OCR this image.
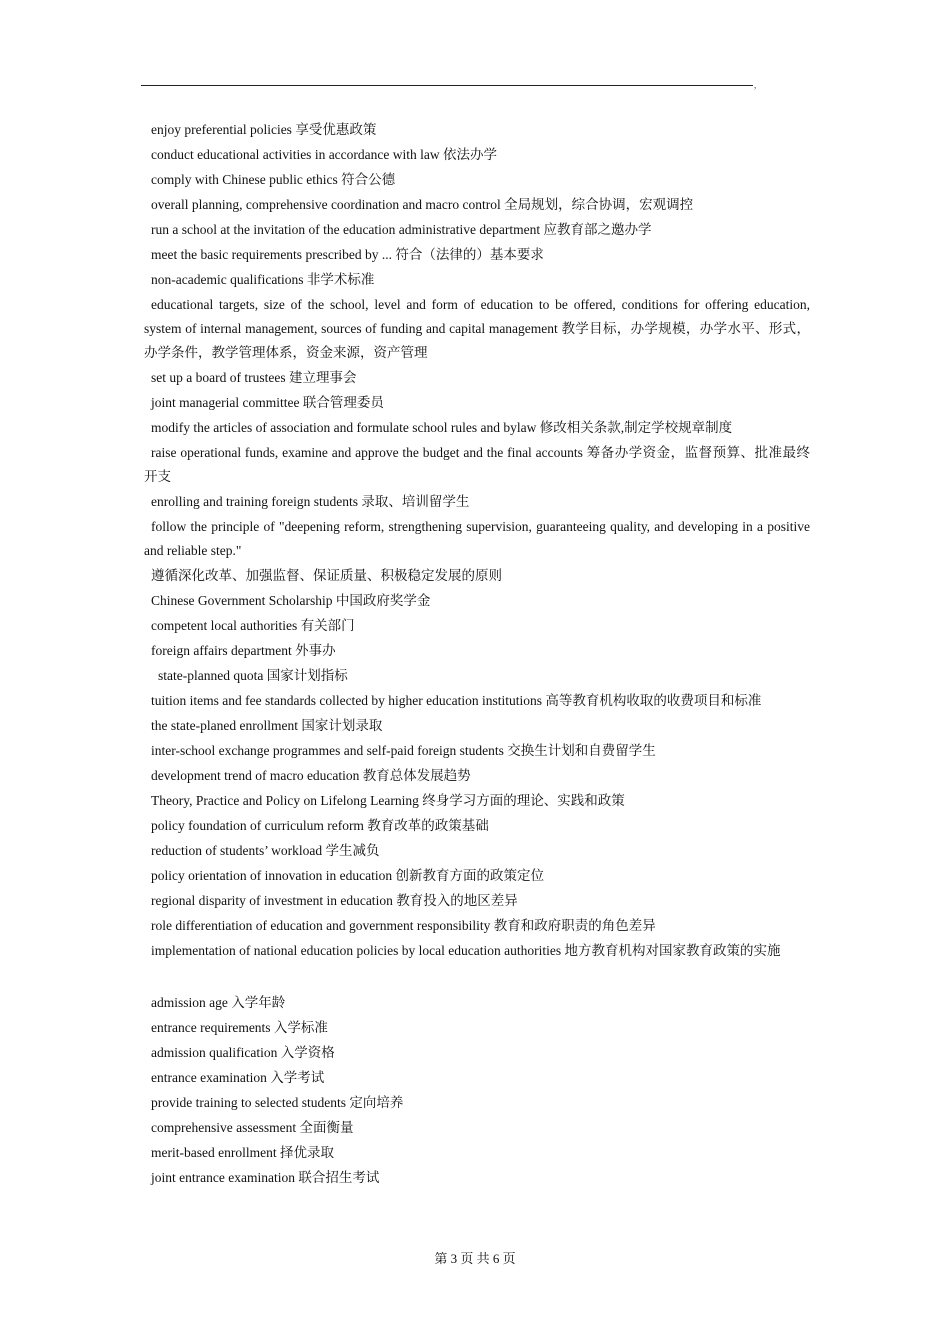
,
enjoy preferential policies 享受优惠政策
conduct educational activities in accordance with law 依法办学
comply with Chinese public ethics 符合公德
overall planning, comprehensive coordination and macro control 全局规划，综合协调，宏观调控
run a school at the invitation of the education administrative department 应教育部之邀办学
meet the basic requirements prescribed by ... 符合（法律的）基本要求
non-academic qualifications 非学术标准
educational targets, size of the school, level and form of education to be offered, conditions for offering education, system of internal management, sources of funding and capital management 教学目标，办学规模，办学水平、形式，办学条件，教学管理体系，资金来源，资产管理
set up a board of trustees 建立理事会
joint managerial committee 联合管理委员
modify the articles of association and formulate school rules and bylaw 修改相关条款,制定学校规章制度
raise operational funds, examine and approve the budget and the final accounts 筹备办学资金，监督预算、批准最终开支
enrolling and training foreign students 录取、培训留学生
follow the principle of "deepening reform, strengthening supervision, guaranteeing quality, and developing in a positive and reliable step."
遵循深化改革、加强监督、保证质量、积极稳定发展的原则
Chinese Government Scholarship 中国政府奖学金
competent local authorities 有关部门
foreign affairs department 外事办
state-planned quota 国家计划指标
tuition items and fee standards collected by higher education institutions 高等教育机构收取的收费项目和标准
the state-planed enrollment 国家计划录取
inter-school exchange programmes and self-paid foreign students 交换生计划和自费留学生
development trend of macro education 教育总体发展趋势
Theory, Practice and Policy on Lifelong Learning 终身学习方面的理论、实践和政策
policy foundation of curriculum reform 教育改革的政策基础
reduction of students’ workload 学生减负
policy orientation of innovation in education 创新教育方面的政策定位
regional disparity of investment in education 教育投入的地区差异
role differentiation of education and government responsibility 教育和政府职责的角色差异
implementation of national education policies by local education authorities 地方教育机构对国家教育政策的实施
admission age 入学年龄
entrance requirements 入学标准
admission qualification 入学资格
entrance examination 入学考试
provide training to selected students 定向培养
comprehensive assessment 全面衡量
merit-based enrollment 择优录取
joint entrance examination 联合招生考试
第 3 页 共 6 页
